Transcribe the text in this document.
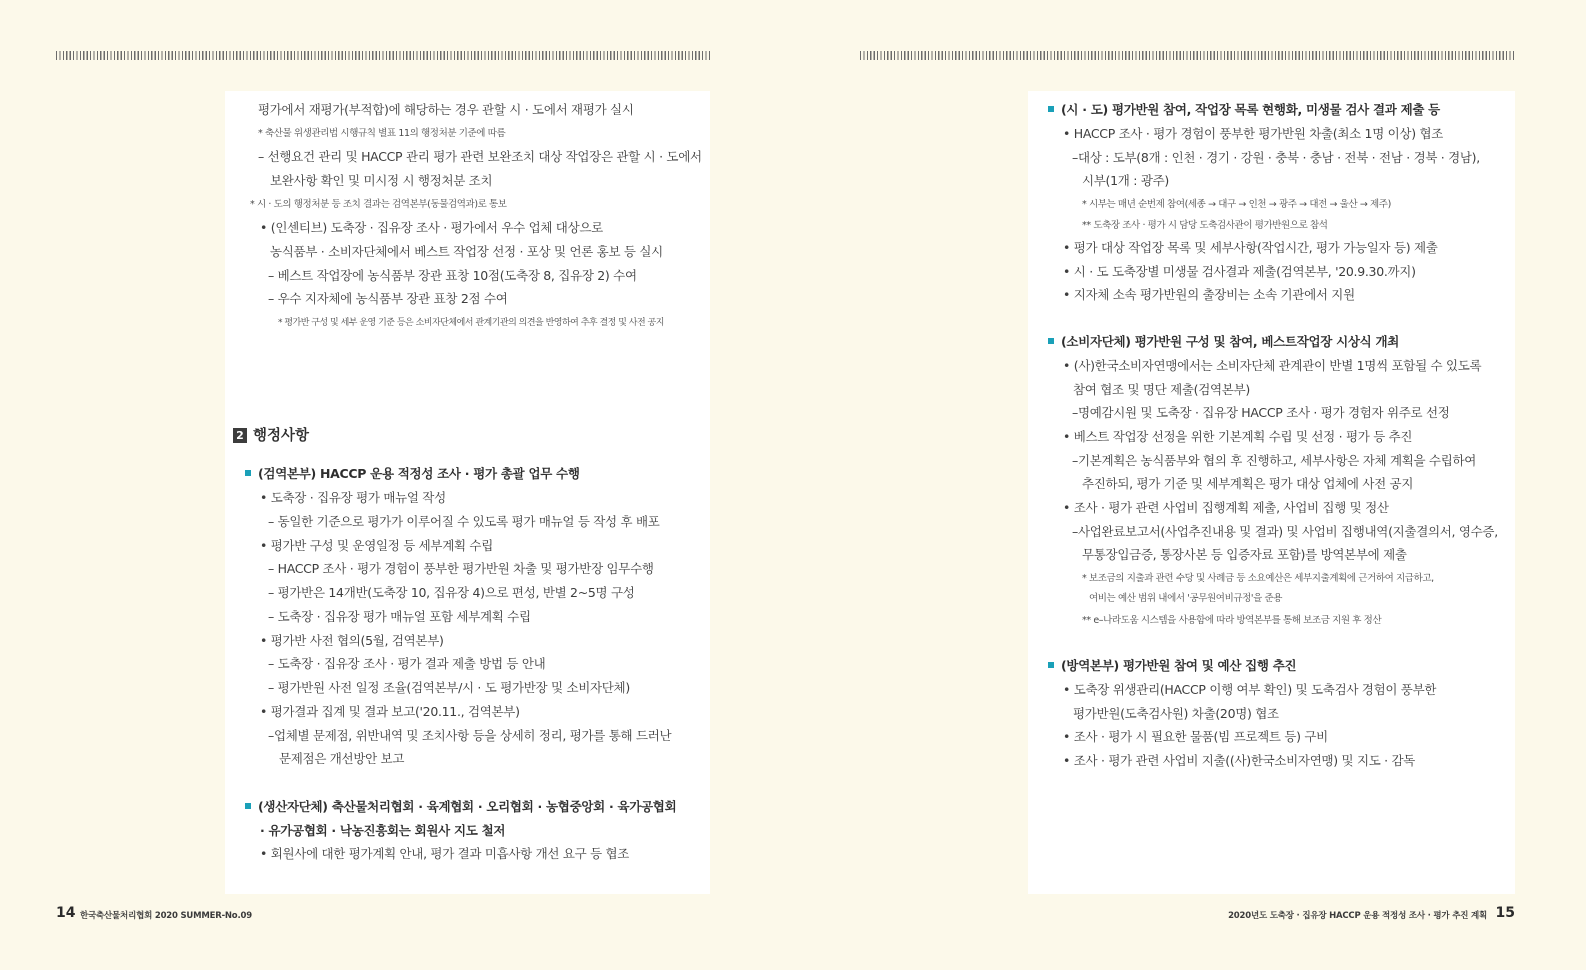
평가에서 재평가(부적합)에 해당하는 경우 관할 시 · 도에서 재평가 실시
* 축산물 위생관리법 시행규칙 별표 11의 행정처분 기준에 따름
– 선행요건 관리 및 HACCP 관리 평가 관련 보완조치 대상 작업장은 관할 시 · 도에서
보완사항 확인 및 미시정 시 행정처분 조치
* 시 · 도의 행정처분 등 조치 결과는 검역본부(동물검역과)로 통보
• (인센티브) 도축장 · 집유장 조사 · 평가에서 우수 업체 대상으로
농식품부 · 소비자단체에서 베스트 작업장 선정 · 포상 및 언론 홍보 등 실시
– 베스트 작업장에 농식품부 장관 표창 10점(도축장 8, 집유장 2) 수여
– 우수 지자체에 농식품부 장관 표창 2점 수여
* 평가반 구성 및 세부 운영 기준 등은 소비자단체에서 관계기관의 의견을 반영하여 추후 결정 및 사전 공지
2 행정사항
(검역본부) HACCP 운용 적정성 조사 · 평가 총괄 업무 수행
• 도축장 · 집유장 평가 매뉴얼 작성
– 동일한 기준으로 평가가 이루어질 수 있도록 평가 매뉴얼 등 작성 후 배포
• 평가반 구성 및 운영일정 등 세부계획 수립
– HACCP 조사 · 평가 경험이 풍부한 평가반원 차출 및 평가반장 임무수행
– 평가반은 14개반(도축장 10, 집유장 4)으로 편성, 반별 2~5명 구성
– 도축장 · 집유장 평가 매뉴얼 포함 세부계획 수립
• 평가반 사전 협의(5월, 검역본부)
– 도축장 · 집유장 조사 · 평가 결과 제출 방법 등 안내
– 평가반원 사전 일정 조율(검역본부/시 · 도 평가반장 및 소비자단체)
• 평가결과 집계 및 결과 보고('20.11., 검역본부)
–업체별 문제점, 위반내역 및 조치사항 등을 상세히 정리, 평가를 통해 드러난
문제점은 개선방안 보고
(생산자단체) 축산물처리협회 · 육계협회 · 오리협회 · 농협중앙회 · 육가공협회
· 유가공협회 · 낙농진흥회는 회원사 지도 철저
• 회원사에 대한 평가계획 안내, 평가 결과 미흡사항 개선 요구 등 협조
14 한국축산물처리협회 2020 SUMMER-No.09
(시 · 도) 평가반원 참여, 작업장 목록 현행화, 미생물 검사 결과 제출 등
• HACCP 조사 · 평가 경험이 풍부한 평가반원 차출(최소 1명 이상) 협조
–대상 : 도부(8개 : 인천 · 경기 · 강원 · 충북 · 충남 · 전북 · 전남 · 경북 · 경남),
시부(1개 : 광주)
* 시부는 매년 순번제 참여(세종 → 대구 → 인천 → 광주 → 대전 → 울산 → 제주)
** 도축장 조사 · 평가 시 담당 도축검사관이 평가반원으로 참석
• 평가 대상 작업장 목록 및 세부사항(작업시간, 평가 가능일자 등) 제출
• 시 · 도 도축장별 미생물 검사결과 제출(검역본부, '20.9.30.까지)
• 지자체 소속 평가반원의 출장비는 소속 기관에서 지원
(소비자단체) 평가반원 구성 및 참여, 베스트작업장 시상식 개최
• (사)한국소비자연맹에서는 소비자단체 관계관이 반별 1명씩 포함될 수 있도록
참여 협조 및 명단 제출(검역본부)
–명예감시원 및 도축장 · 집유장 HACCP 조사 · 평가 경험자 위주로 선정
• 베스트 작업장 선정을 위한 기본계획 수립 및 선정 · 평가 등 추진
–기본계획은 농식품부와 협의 후 진행하고, 세부사항은 자체 계획을 수립하여
추진하되, 평가 기준 및 세부계획은 평가 대상 업체에 사전 공지
• 조사 · 평가 관련 사업비 집행계획 제출, 사업비 집행 및 정산
–사업완료보고서(사업추진내용 및 결과) 및 사업비 집행내역(지출결의서, 영수증,
무통장입금증, 통장사본 등 입증자료 포함)를 방역본부에 제출
* 보조금의 지출과 관련 수당 및 사례금 등 소요예산은 세부지출계획에 근거하여 지급하고,
여비는 예산 범위 내에서 '공무원여비규정'을 준용
** e–나라도움 시스템을 사용함에 따라 방역본부를 통해 보조금 지원 후 정산
(방역본부) 평가반원 참여 및 예산 집행 추진
• 도축장 위생관리(HACCP 이행 여부 확인) 및 도축검사 경험이 풍부한
평가반원(도축검사원) 차출(20명) 협조
• 조사 · 평가 시 필요한 물품(빔 프로젝트 등) 구비
• 조사 · 평가 관련 사업비 지출((사)한국소비자연맹) 및 지도 · 감독
2020년도 도축장 · 집유장 HACCP 운용 적정성 조사 · 평가 추진 계획 15
